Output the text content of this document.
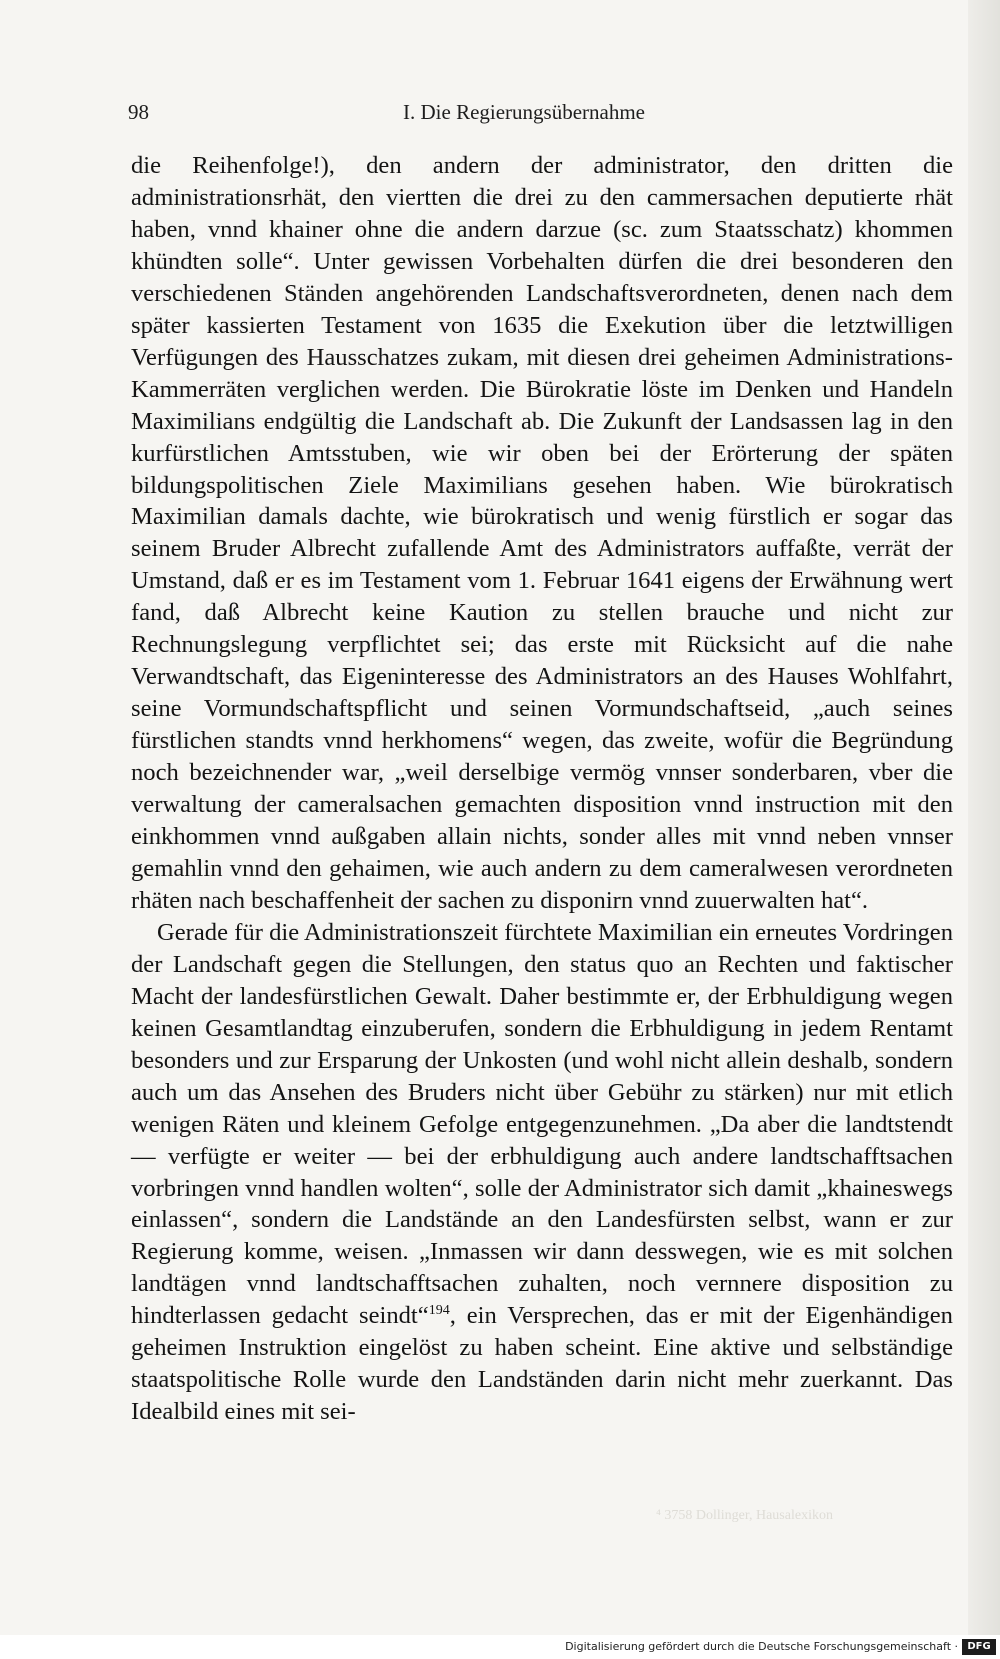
98	I. Die Regierungsübernahme

die Reihenfolge!), den andern der administrator, den dritten die administrationsrhät, den viertten die drei zu den cammersachen deputierte rhät haben, vnnd khainer ohne die andern darzue (sc. zum Staatsschatz) khommen khündten solle“. Unter gewissen Vorbehalten dürfen die drei besonderen den verschiedenen Ständen angehörenden Landschaftsverordneten, denen nach dem später kassierten Testament von 1635 die Exekution über die letztwilligen Verfügungen des Hausschatzes zukam, mit diesen drei geheimen Administrations-Kammerräten verglichen werden. Die Bürokratie löste im Denken und Handeln Maximilians endgültig die Landschaft ab. Die Zukunft der Landsassen lag in den kurfürstlichen Amtsstuben, wie wir oben bei der Erörterung der späten bildungspolitischen Ziele Maximilians gesehen haben. Wie bürokratisch Maximilian damals dachte, wie bürokratisch und wenig fürstlich er sogar das seinem Bruder Albrecht zufallende Amt des Administrators auffaßte, verrät der Umstand, daß er es im Testament vom 1. Februar 1641 eigens der Erwähnung wert fand, daß Albrecht keine Kaution zu stellen brauche und nicht zur Rechnungslegung verpflichtet sei; das erste mit Rücksicht auf die nahe Verwandtschaft, das Eigeninteresse des Administrators an des Hauses Wohlfahrt, seine Vormundschaftspflicht und seinen Vormundschaftseid, „auch seines fürstlichen standts vnnd herkhomens“ wegen, das zweite, wofür die Begründung noch bezeichnender war, „weil derselbige vermög vnnser sonderbaren, vber die verwaltung der cameralsachen gemachten disposition vnnd instruction mit den einkhommen vnnd außgaben allain nichts, sonder alles mit vnnd neben vnnser gemahlin vnnd den gehaimen, wie auch andern zu dem cameralwesen verordneten rhäten nach beschaffenheit der sachen zu disponirn vnnd zuuerwalten hat“.

Gerade für die Administrationszeit fürchtete Maximilian ein erneutes Vordringen der Landschaft gegen die Stellungen, den status quo an Rechten und faktischer Macht der landesfürstlichen Gewalt. Daher bestimmte er, der Erbhuldigung wegen keinen Gesamtlandtag einzuberufen, sondern die Erbhuldigung in jedem Rentamt besonders und zur Ersparung der Unkosten (und wohl nicht allein deshalb, sondern auch um das Ansehen des Bruders nicht über Gebühr zu stärken) nur mit etlich wenigen Räten und kleinem Gefolge entgegenzunehmen. „Da aber die landtstendt — verfügte er weiter — bei der erbhuldigung auch andere landtschafftsachen vorbringen vnnd handlen wolten“, solle der Administrator sich damit „khaineswegs einlassen“, sondern die Landstände an den Landesfürsten selbst, wann er zur Regierung komme, weisen. „Inmassen wir dann desswegen, wie es mit solchen landtägen vnnd landtschafftsachen zuhalten, noch vernnere disposition zu hindterlassen gedacht seindt“$^{194}$, ein Versprechen, das er mit der Eigenhändigen geheimen Instruktion eingelöst zu haben scheint. Eine aktive und selbständige staatspolitische Rolle wurde den Landständen darin nicht mehr zuerkannt. Das Idealbild eines mit sei-

⁴ 3758 Dollinger, Hausalexikon
Digitalisierung gefördert durch die Deutsche Forschungsgemeinschaft · DFG
